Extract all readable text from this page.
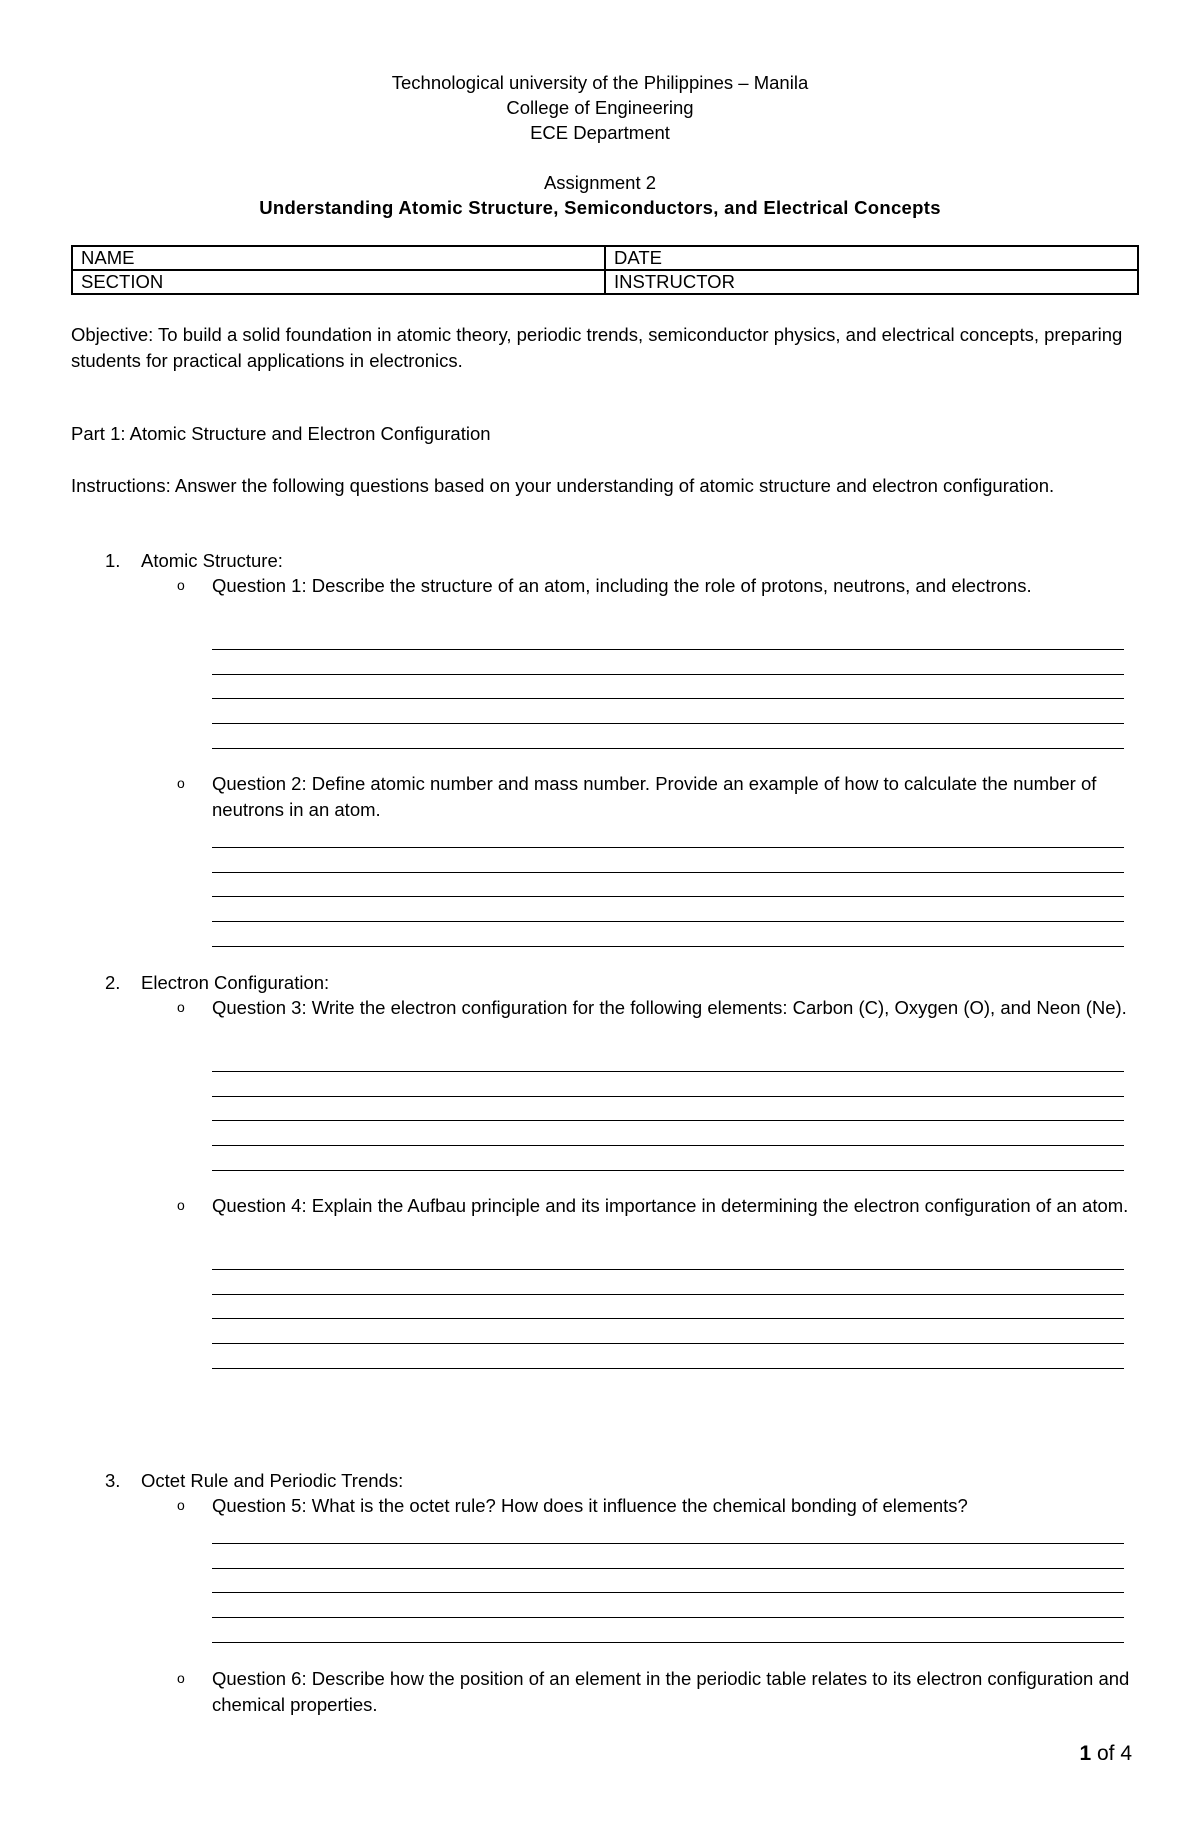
Technological university of the Philippines – Manila
College of Engineering
ECE Department
Assignment 2
Understanding Atomic Structure, Semiconductors, and Electrical Concepts
NAME	DATE
SECTION	INSTRUCTOR
Objective: To build a solid foundation in atomic theory, periodic trends, semiconductor physics, and electrical concepts, preparing students for practical applications in electronics.
Part 1: Atomic Structure and Electron Configuration
Instructions: Answer the following questions based on your understanding of atomic structure and electron configuration.
1. Atomic Structure:
o Question 1: Describe the structure of an atom, including the role of protons, neutrons, and electrons.
o Question 2: Define atomic number and mass number. Provide an example of how to calculate the number of neutrons in an atom.
2. Electron Configuration:
o Question 3: Write the electron configuration for the following elements: Carbon (C), Oxygen (O), and Neon (Ne).
o Question 4: Explain the Aufbau principle and its importance in determining the electron configuration of an atom.
3. Octet Rule and Periodic Trends:
o Question 5: What is the octet rule? How does it influence the chemical bonding of elements?
o Question 6: Describe how the position of an element in the periodic table relates to its electron configuration and chemical properties.
1 of 4
